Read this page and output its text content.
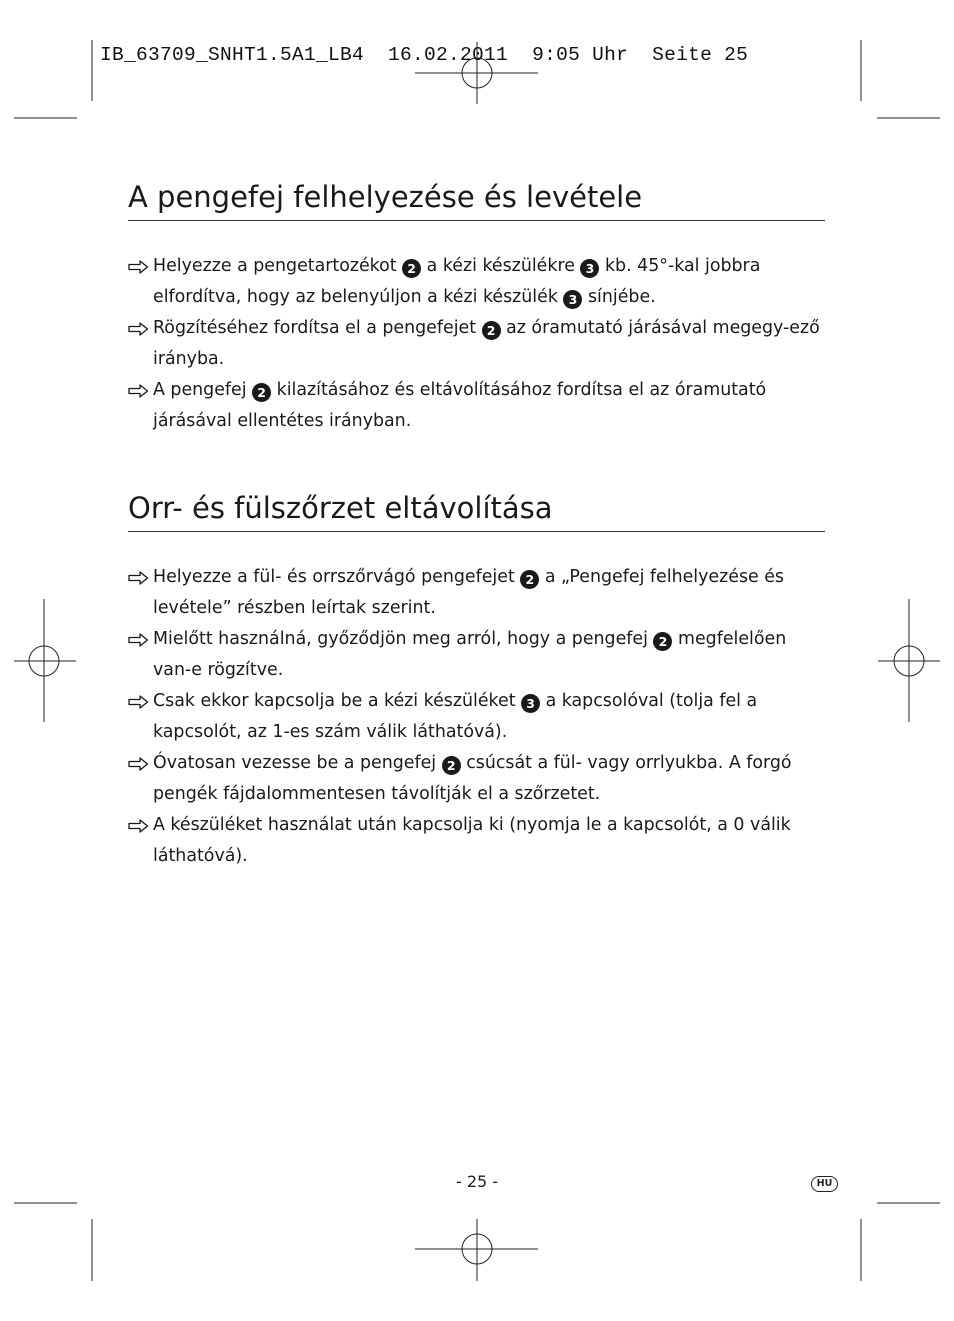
IB_63709_SNHT1.5A1_LB4  16.02.2011  9:05 Uhr  Seite 25
A pengefej felhelyezése és levétele
Helyezze a pengetartozékot 2 a kézi készülékre 3 kb. 45°-kal jobbra elfordítva, hogy az belenyúljon a kézi készülék 3 sínjébe.
Rögzítéséhez fordítsa el a pengefejet 2 az óramutató járásával megegy-ező irányba.
A pengefej 2 kilazításához és eltávolításához fordítsa el az óramutató járásával ellentétes irányban.
Orr- és fülszőrzet eltávolítása
Helyezze a fül- és orrszőrvágó pengefejet 2 a „Pengefej felhelyezése és levétele” részben leírtak szerint.
Mielőtt használná, győződjön meg arról, hogy a pengefej 2 megfelelően van-e rögzítve.
Csak ekkor kapcsolja be a kézi készüléket 3 a kapcsolóval (tolja fel a kapcsolót, az 1-es szám válik láthatóvá).
Óvatosan vezesse be a pengefej 2 csúcsát a fül- vagy orrlyukba. A forgó pengék fájdalommentesen távolítják el a szőrzetet.
A készüléket használat után kapcsolja ki (nyomja le a kapcsolót, a 0 válik láthatóvá).
- 25 -	HU
